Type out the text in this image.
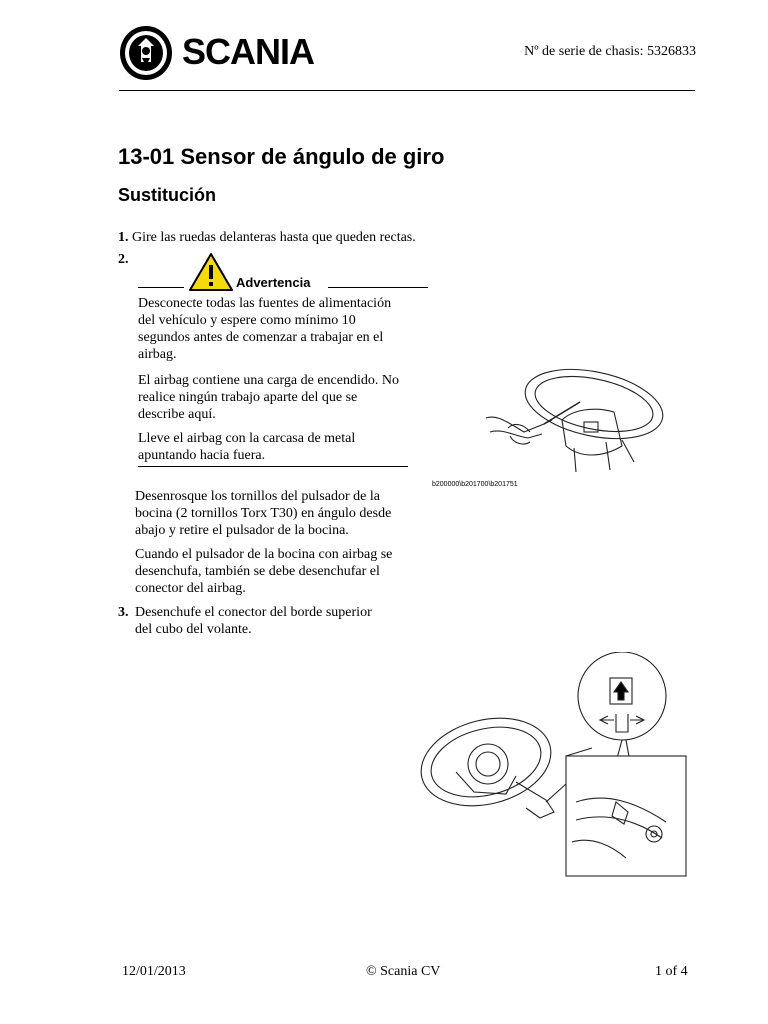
SCANIA	Nº de serie de chasis: 5326833
13-01 Sensor de ángulo de giro
Sustitución
1. Gire las ruedas delanteras hasta que queden rectas.
2.
Advertencia
Desconecte todas las fuentes de alimentación
del vehículo y espere como mínimo 10
segundos antes de comenzar a trabajar en el
airbag.
El airbag contiene una carga de encendido. No
realice ningún trabajo aparte del que se
describe aquí.
Lleve el airbag con la carcasa de metal
apuntando hacia fuera.
b200000\b201700\b201751
Desenrosque los tornillos del pulsador de la
bocina (2 tornillos Torx T30) en ángulo desde
abajo y retire el pulsador de la bocina.
Cuando el pulsador de la bocina con airbag se
desenchufa, también se debe desenchufar el
conector del airbag.
3. Desenchufe el conector del borde superior
del cubo del volante.
12/01/2013	© Scania CV	1 of 4
